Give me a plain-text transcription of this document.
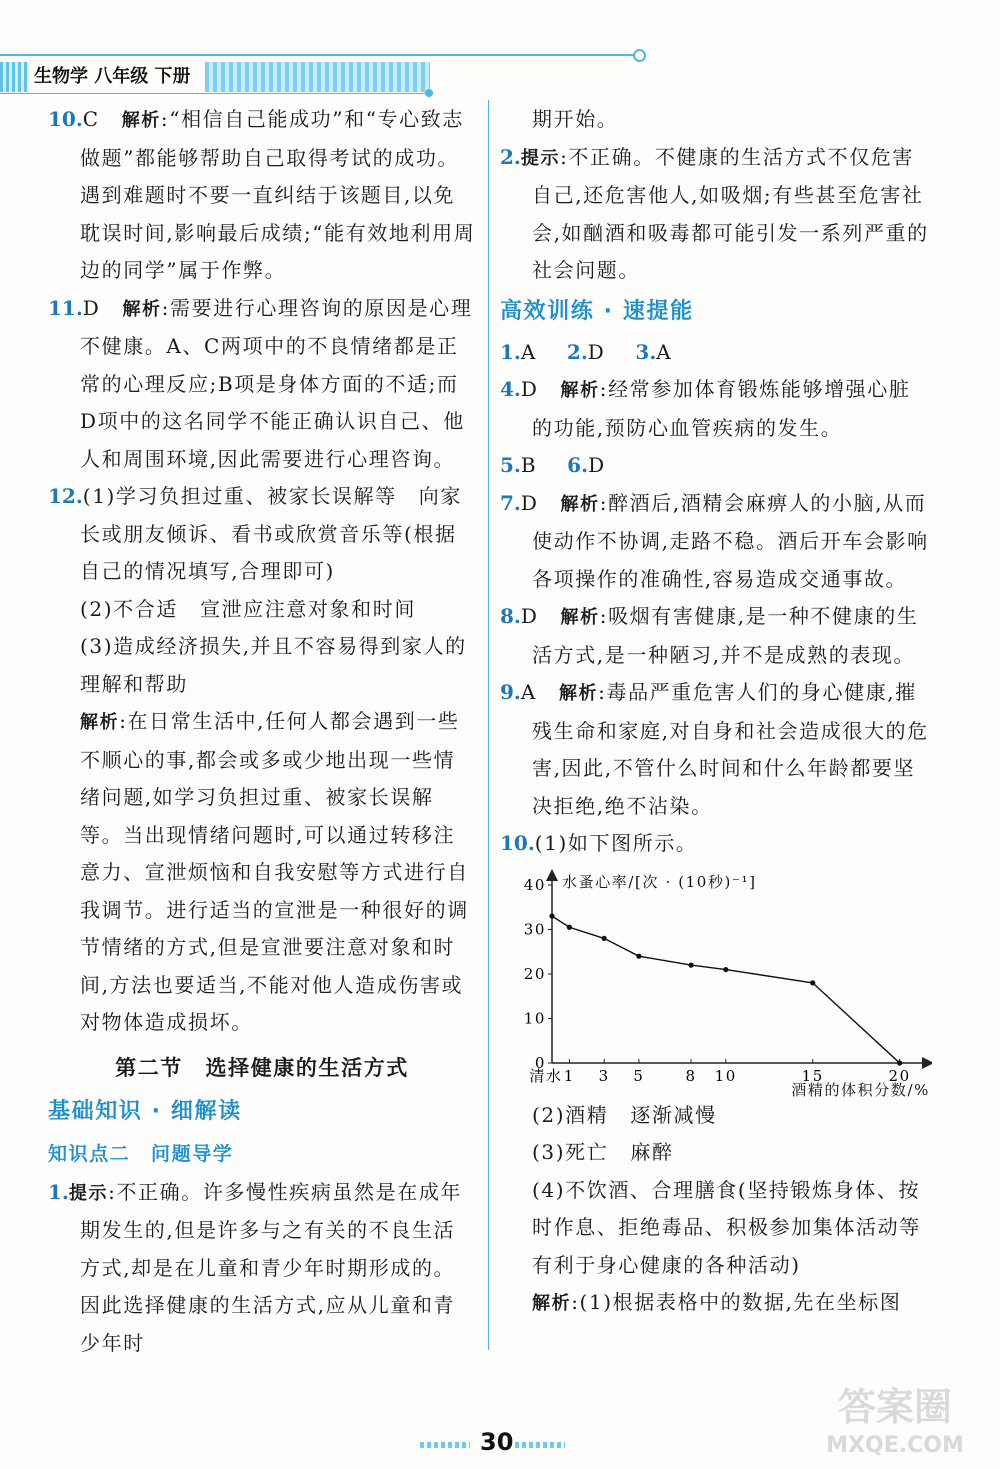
生物学 八年级 下册

10.C 解析:“相信自己能成功”和“专心致志做题”都能够帮助自己取得考试的成功。遇到难题时不要一直纠结于该题目,以免耽误时间,影响最后成绩;“能有效地利用周边的同学”属于作弊。

11.D 解析:需要进行心理咨询的原因是心理不健康。A、C两项中的不良情绪都是正常的心理反应;B项是身体方面的不适;而D项中的这名同学不能正确认识自己、他人和周围环境,因此需要进行心理咨询。

12.(1)学习负担过重、被家长误解等 向家长或朋友倾诉、看书或欣赏音乐等(根据自己的情况填写,合理即可)

(2)不合适 宣泄应注意对象和时间

(3)造成经济损失,并且不容易得到家人的理解和帮助

解析:在日常生活中,任何人都会遇到一些不顺心的事,都会或多或少地出现一些情绪问题,如学习负担过重、被家长误解等。当出现情绪问题时,可以通过转移注意力、宣泄烦恼和自我安慰等方式进行自我调节。进行适当的宣泄是一种很好的调节情绪的方式,但是宣泄要注意对象和时间,方法也要适当,不能对他人造成伤害或对物体造成损坏。

第二节　选择健康的生活方式

基础知识 · 细解读

知识点二　问题导学

1.提示:不正确。许多慢性疾病虽然是在成年期发生的,但是许多与之有关的不良生活方式,却是在儿童和青少年时期形成的。因此选择健康的生活方式,应从儿童和青少年时

期开始。

2.提示:不正确。不健康的生活方式不仅危害自己,还危害他人,如吸烟;有些甚至危害社会,如酗酒和吸毒都可能引发一系列严重的社会问题。

高效训练 · 速提能

1.A 2.D 3.A

4.D 解析:经常参加体育锻炼能够增强心脏的功能,预防心血管疾病的发生。

5.B 6.D

7.D 解析:醉酒后,酒精会麻痹人的小脑,从而使动作不协调,走路不稳。酒后开车会影响各项操作的准确性,容易造成交通事故。

8.D 解析:吸烟有害健康,是一种不健康的生活方式,是一种陋习,并不是成熟的表现。

9.A 解析:毒品严重危害人们的身心健康,摧残生命和家庭,对自身和社会造成很大的危害,因此,不管什么时间和什么年龄都要坚决拒绝,绝不沾染。

10.(1)如下图所示。

水蚤心率/[次 · (10秒)⁻¹]
酒精的体积分数/%
0
10
20
30
40
清水 1 3 5	8 10	15	20

(2)酒精 逐渐减慢

(3)死亡 麻醉

(4)不饮酒、合理膳食(坚持锻炼身体、按时作息、拒绝毒品、积极参加集体活动等有利于身心健康的各种活动)

解析:(1)根据表格中的数据,先在坐标图

30
答案圈
MXQE.COM
